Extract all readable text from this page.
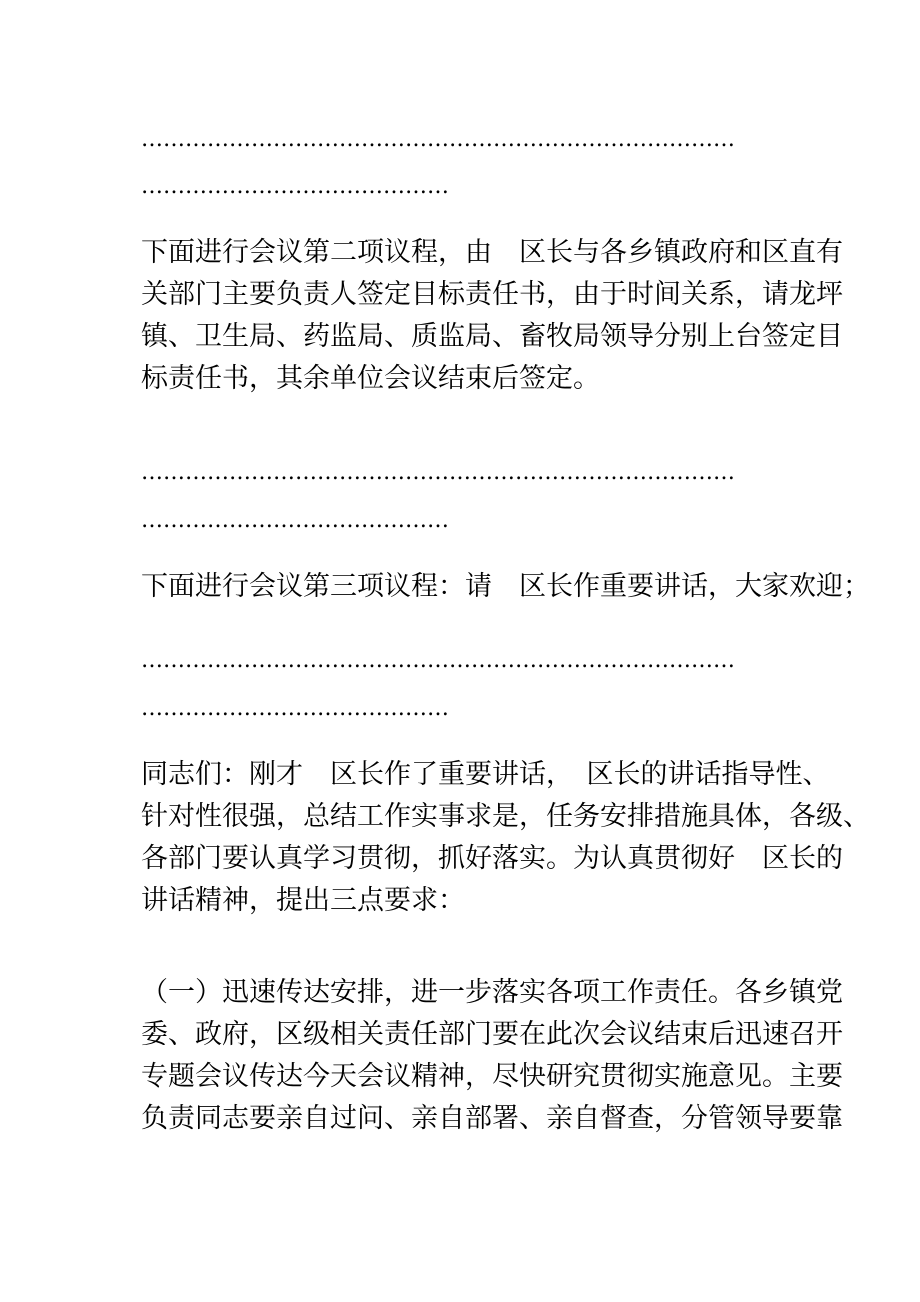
………………………………………………………………………
……………………………………
下面进行会议第二项议程，由　区长与各乡镇政府和区直有
关部门主要负责人签定目标责任书，由于时间关系，请龙坪
镇、卫生局、药监局、质监局、畜牧局领导分别上台签定目
标责任书，其余单位会议结束后签定。
………………………………………………………………………
……………………………………
下面进行会议第三项议程：请　区长作重要讲话，大家欢迎；
………………………………………………………………………
……………………………………
同志们：刚才　区长作了重要讲话，　区长的讲话指导性、
针对性很强，总结工作实事求是，任务安排措施具体，各级、
各部门要认真学习贯彻，抓好落实。为认真贯彻好　区长的
讲话精神，提出三点要求：
（一）迅速传达安排，进一步落实各项工作责任。各乡镇党
委、政府，区级相关责任部门要在此次会议结束后迅速召开
专题会议传达今天会议精神，尽快研究贯彻实施意见。主要
负责同志要亲自过问、亲自部署、亲自督查，分管领导要靠
